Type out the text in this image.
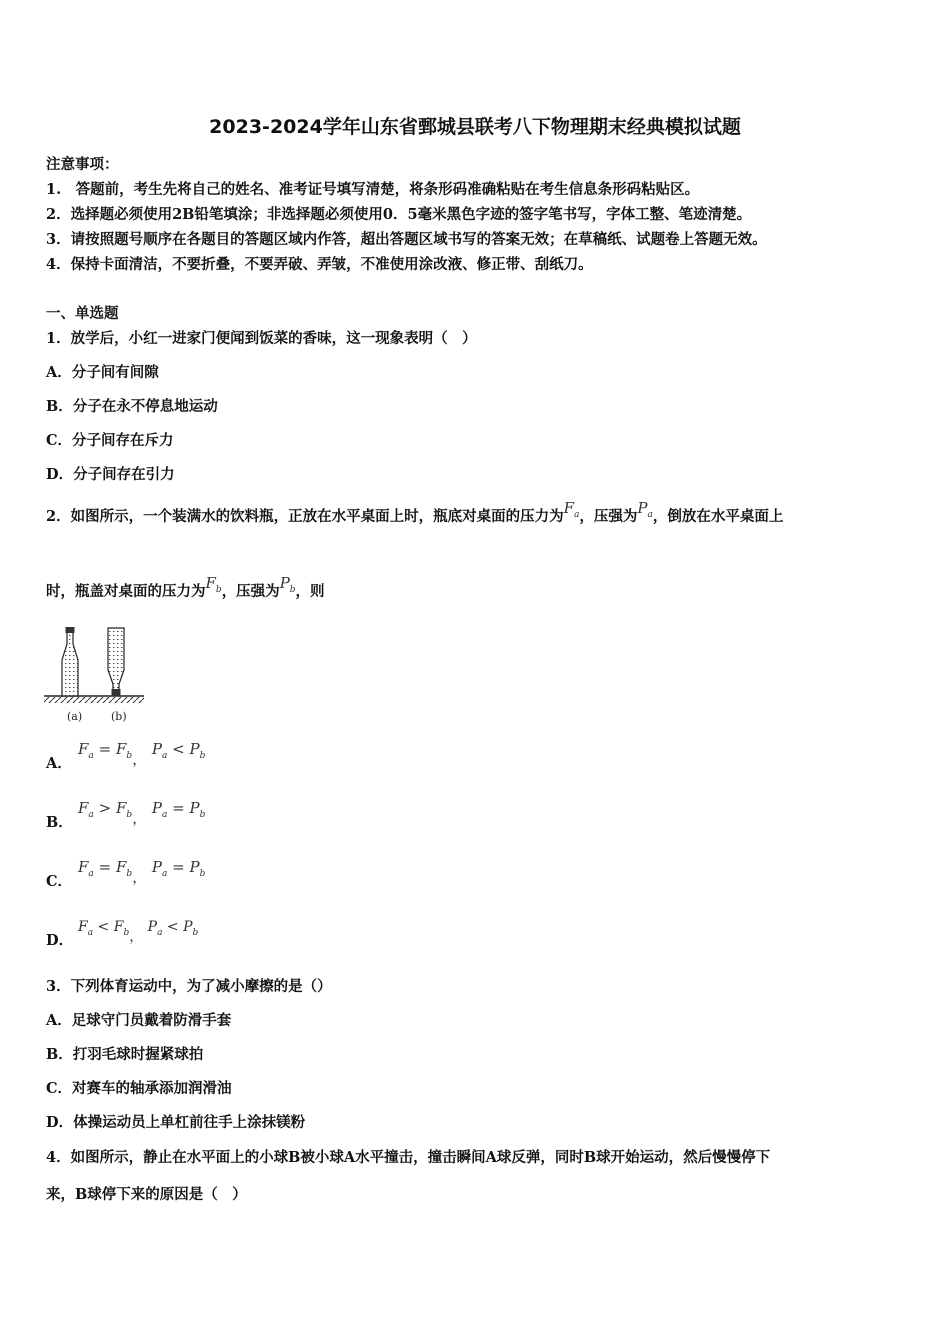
2023-2024学年山东省鄄城县联考八下物理期末经典模拟试题
注意事项：
1.　答题前，考生先将自己的姓名、准考证号填写清楚，将条形码准确粘贴在考生信息条形码粘贴区。
2．选择题必须使用2B铅笔填涂；非选择题必须使用0．5毫米黑色字迹的签字笔书写，字体工整、笔迹清楚。
3．请按照题号顺序在各题目的答题区域内作答，超出答题区域书写的答案无效；在草稿纸、试题卷上答题无效。
4．保持卡面清洁，不要折叠，不要弄破、弄皱，不准使用涂改液、修正带、刮纸刀。
一、单选题
1．放学后，小红一进家门便闻到饭菜的香味，这一现象表明（　）
A．分子间有间隙
B．分子在永不停息地运动
C．分子间存在斥力
D．分子间存在引力
2．如图所示，一个装满水的饮料瓶，正放在水平桌面上时，瓶底对桌面的压力为$F_a$，压强为$P_a$，倒放在水平桌面上
时，瓶盖对桌面的压力为$F_b$，压强为$P_b$，则
(a)	(b)
A．
$F_a = F_b$， $P_a < P_b$
B．
$F_a > F_b$， $P_a = P_b$
C．
$F_a = F_b$， $P_a = P_b$
D．
$F_a < F_b$， $P_a < P_b$
3．下列体育运动中，为了减小摩擦的是（）
A．足球守门员戴着防滑手套
B．打羽毛球时握紧球拍
C．对赛车的轴承添加润滑油
D．体操运动员上单杠前往手上涂抹镁粉
4．如图所示，静止在水平面上的小球B被小球A水平撞击，撞击瞬间A球反弹，同时B球开始运动，然后慢慢停下
来，B球停下来的原因是（　）
